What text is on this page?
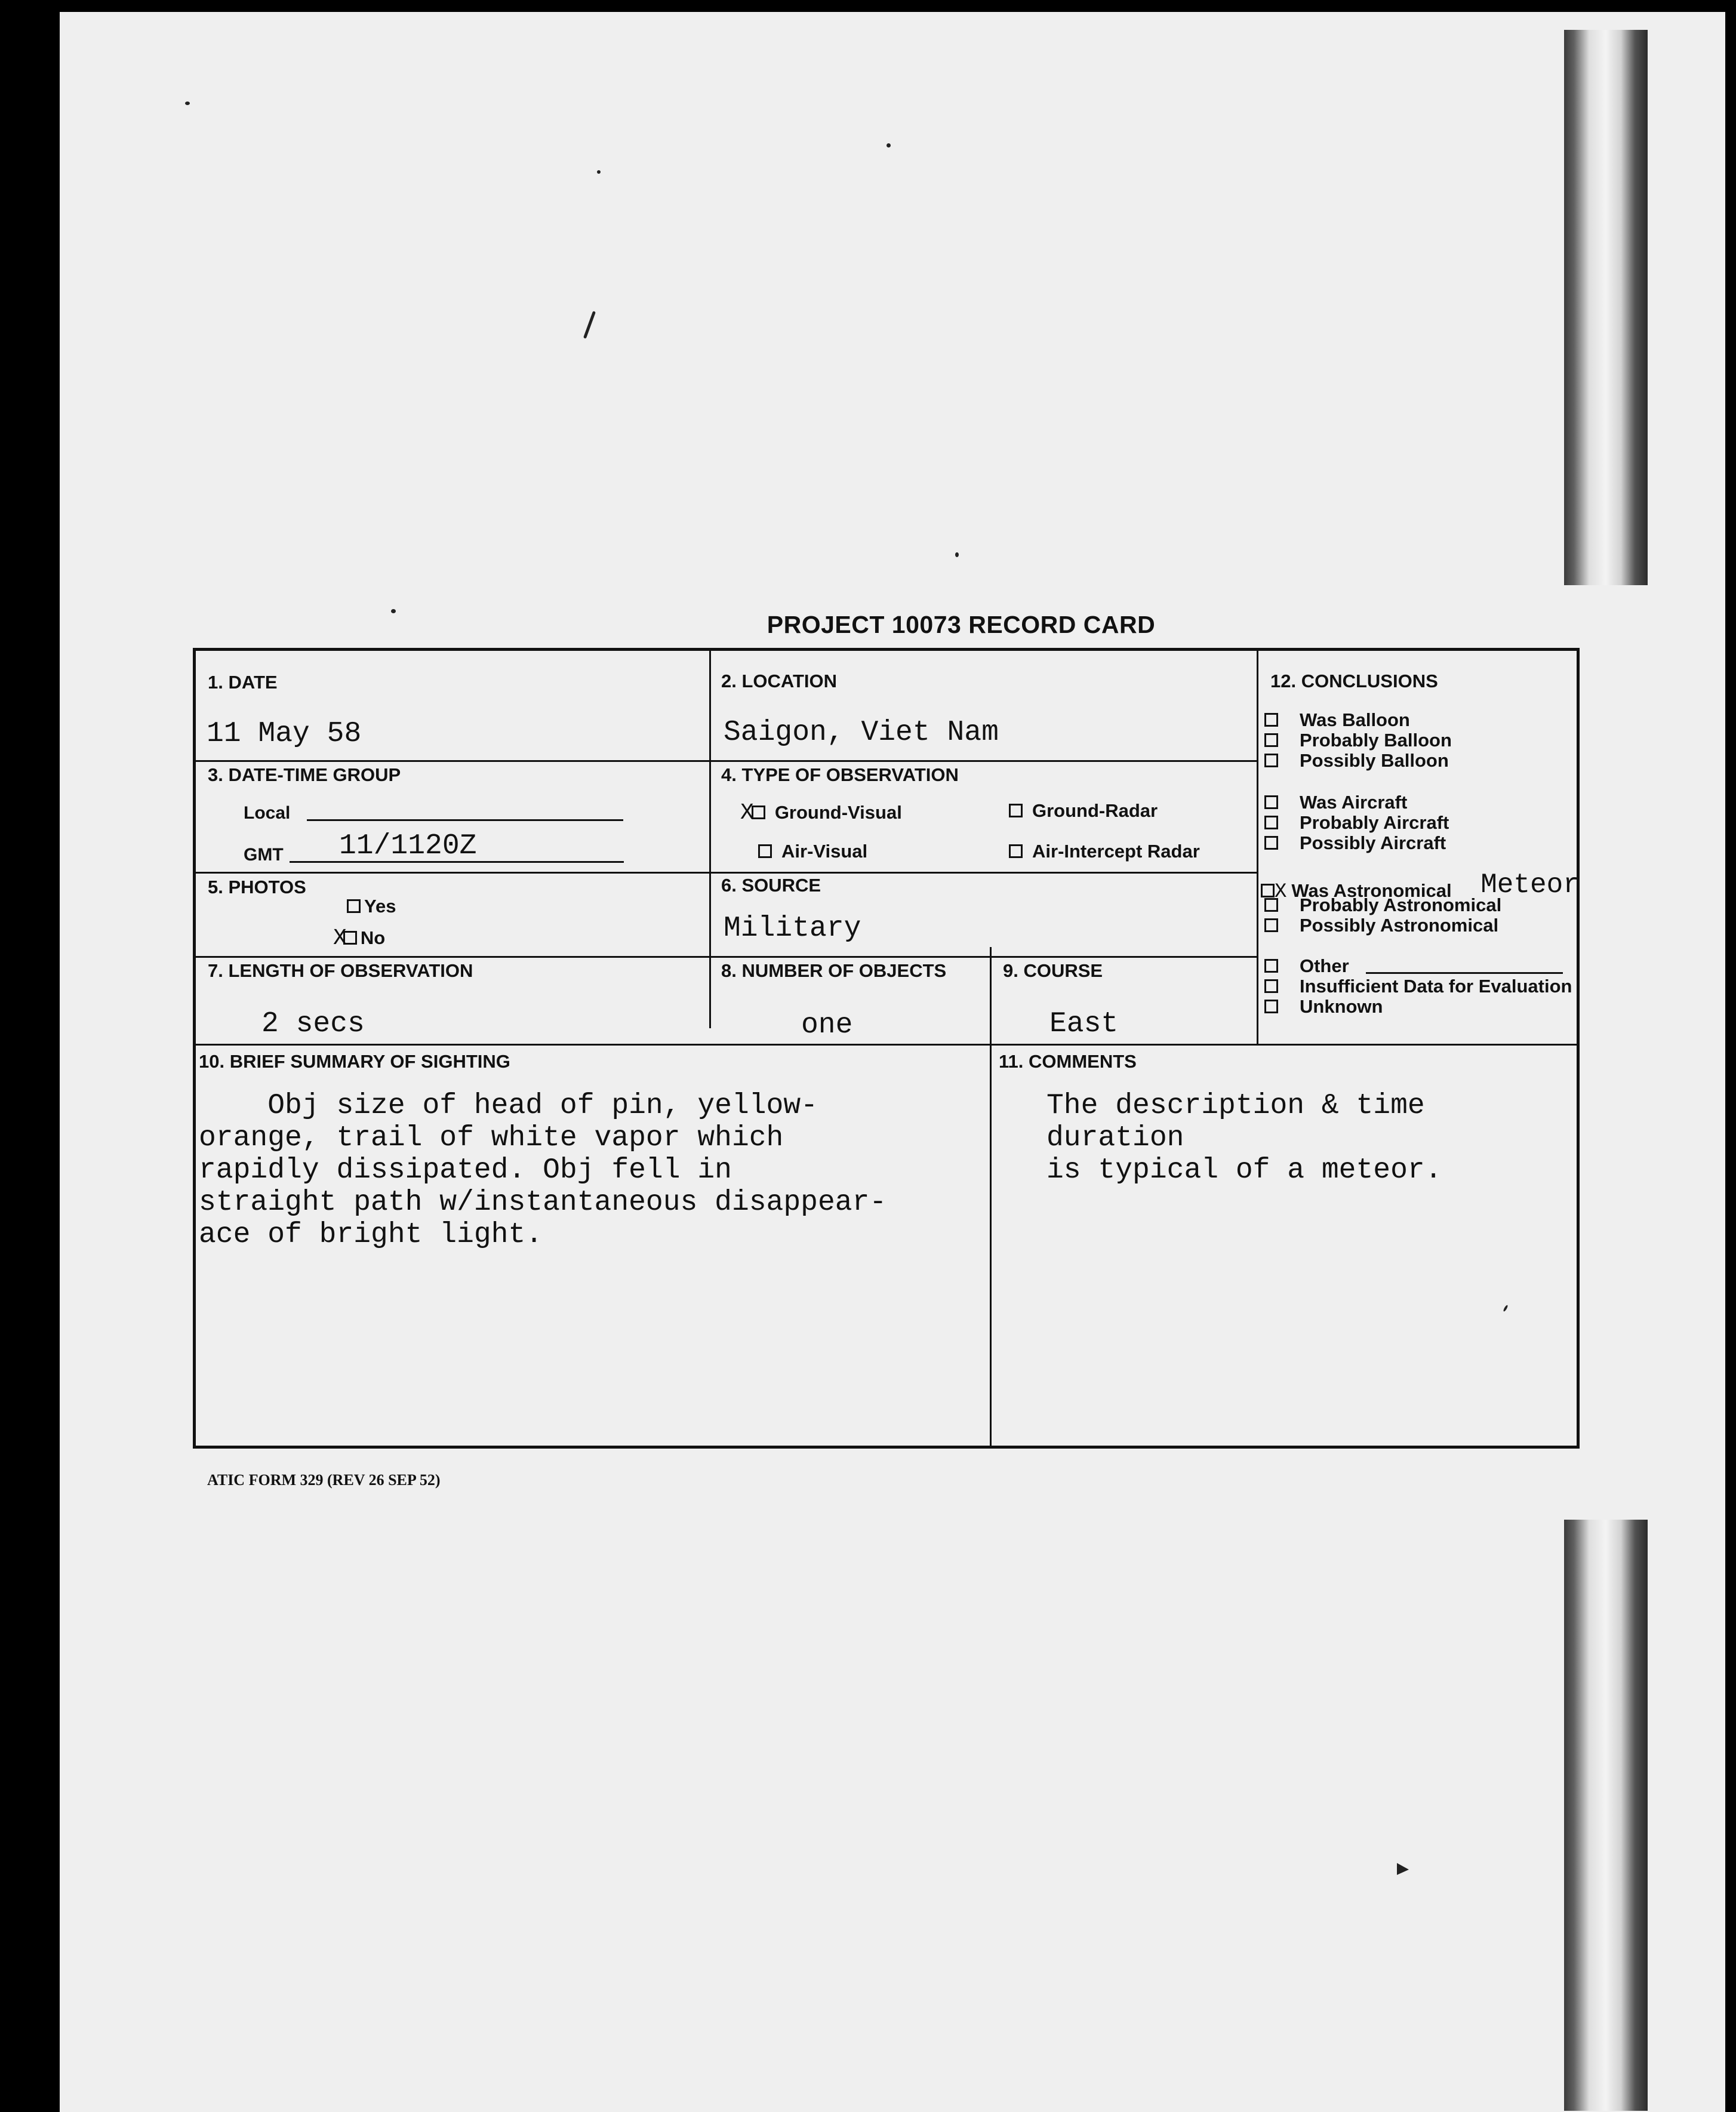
PROJECT 10073 RECORD CARD
1. DATE
11 May 58
2. LOCATION
Saigon, Viet Nam
3. DATE-TIME GROUP
Local
GMT 11/1120Z
4. TYPE OF OBSERVATION
X Ground-Visual	Ground-Radar
Air-Visual	Air-Intercept Radar
5. PHOTOS
Yes
X No
6. SOURCE
Military
7. LENGTH OF OBSERVATION
2 secs
8. NUMBER OF OBJECTS
one
9. COURSE
East
10. BRIEF SUMMARY OF SIGHTING
Obj size of head of pin, yellow-
orange, trail of white vapor which
rapidly dissipated. Obj fell in
straight path w/instantaneous disappear-
ace of bright light.
11. COMMENTS
The description & time duration
is typical of a meteor.
12. CONCLUSIONS
Was Balloon
Probably Balloon
Possibly Balloon
Was Aircraft
Probably Aircraft
Possibly Aircraft
X Was Astronomical Meteor
Probably Astronomical
Possibly Astronomical
Other
Insufficient Data for Evaluation
Unknown
ATIC FORM 329 (REV 26 SEP 52)
